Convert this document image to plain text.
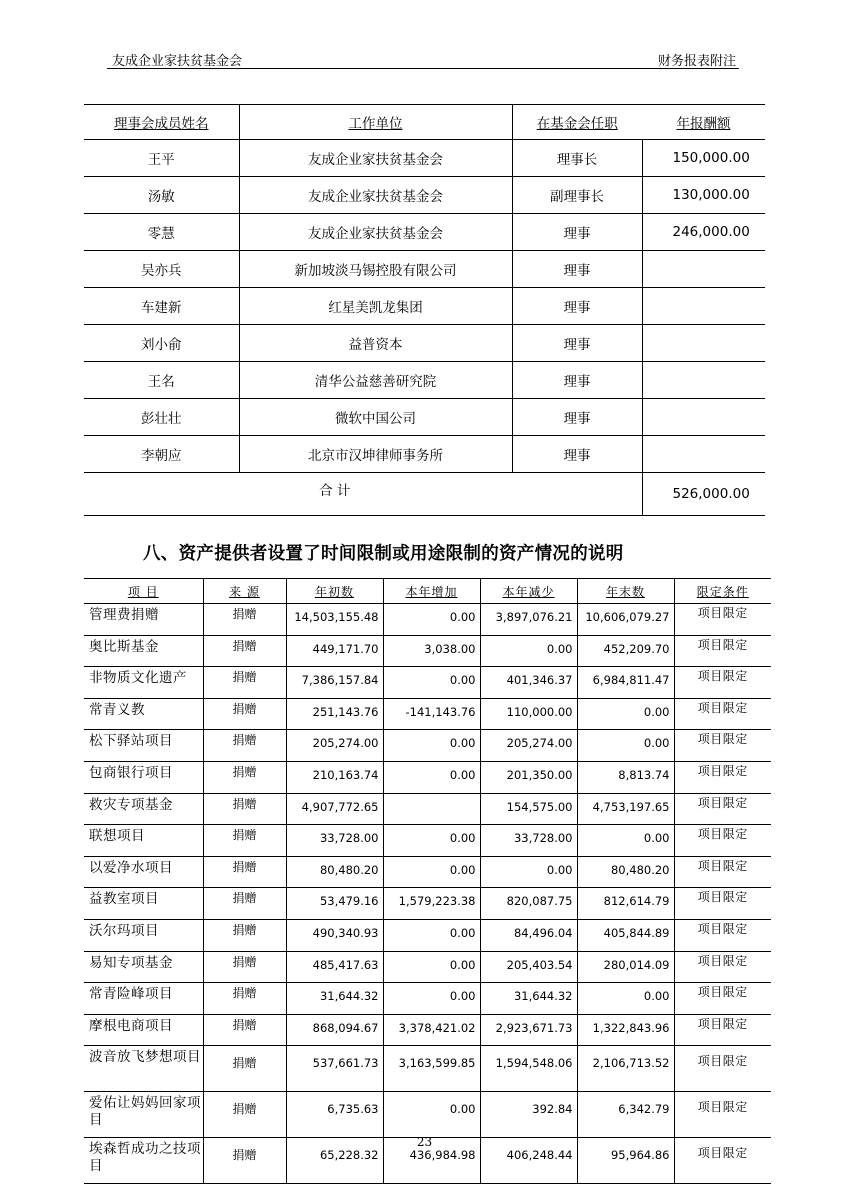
友成企业家扶贫基金会	财务报表附注
理事会成员姓名	工作单位	在基金会任职	年报酬额
王平	友成企业家扶贫基金会	理事长	150,000.00
汤敏	友成企业家扶贫基金会	副理事长	130,000.00
零慧	友成企业家扶贫基金会	理事	246,000.00
吴亦兵	新加坡淡马锡控股有限公司	理事	
车建新	红星美凯龙集团	理事	
刘小俞	益普资本	理事	
王名	清华公益慈善研究院	理事	
彭壮壮	微软中国公司	理事	
李朝应	北京市汉坤律师事务所	理事	
合 计			526,000.00
八、资产提供者设置了时间限制或用途限制的资产情况的说明
项 目	来 源	年初数	本年增加	本年减少	年末数	限定条件
管理费捐赠	捐赠	14,503,155.48	0.00	3,897,076.21	10,606,079.27	项目限定
奥比斯基金	捐赠	449,171.70	3,038.00	0.00	452,209.70	项目限定
非物质文化遗产	捐赠	7,386,157.84	0.00	401,346.37	6,984,811.47	项目限定
常青义教	捐赠	251,143.76	-141,143.76	110,000.00	0.00	项目限定
松下驿站项目	捐赠	205,274.00	0.00	205,274.00	0.00	项目限定
包商银行项目	捐赠	210,163.74	0.00	201,350.00	8,813.74	项目限定
救灾专项基金	捐赠	4,907,772.65		154,575.00	4,753,197.65	项目限定
联想项目	捐赠	33,728.00	0.00	33,728.00	0.00	项目限定
以爱净水项目	捐赠	80,480.20	0.00	0.00	80,480.20	项目限定
益教室项目	捐赠	53,479.16	1,579,223.38	820,087.75	812,614.79	项目限定
沃尔玛项目	捐赠	490,340.93	0.00	84,496.04	405,844.89	项目限定
易知专项基金	捐赠	485,417.63	0.00	205,403.54	280,014.09	项目限定
常青险峰项目	捐赠	31,644.32	0.00	31,644.32	0.00	项目限定
摩根电商项目	捐赠	868,094.67	3,378,421.02	2,923,671.73	1,322,843.96	项目限定
波音放飞梦想项目	捐赠	537,661.73	3,163,599.85	1,594,548.06	2,106,713.52	项目限定
爱佑让妈妈回家项目	捐赠	6,735.63	0.00	392.84	6,342.79	项目限定
埃森哲成功之技项目	捐赠	65,228.32	436,984.98	406,248.44	95,964.86	项目限定
23
